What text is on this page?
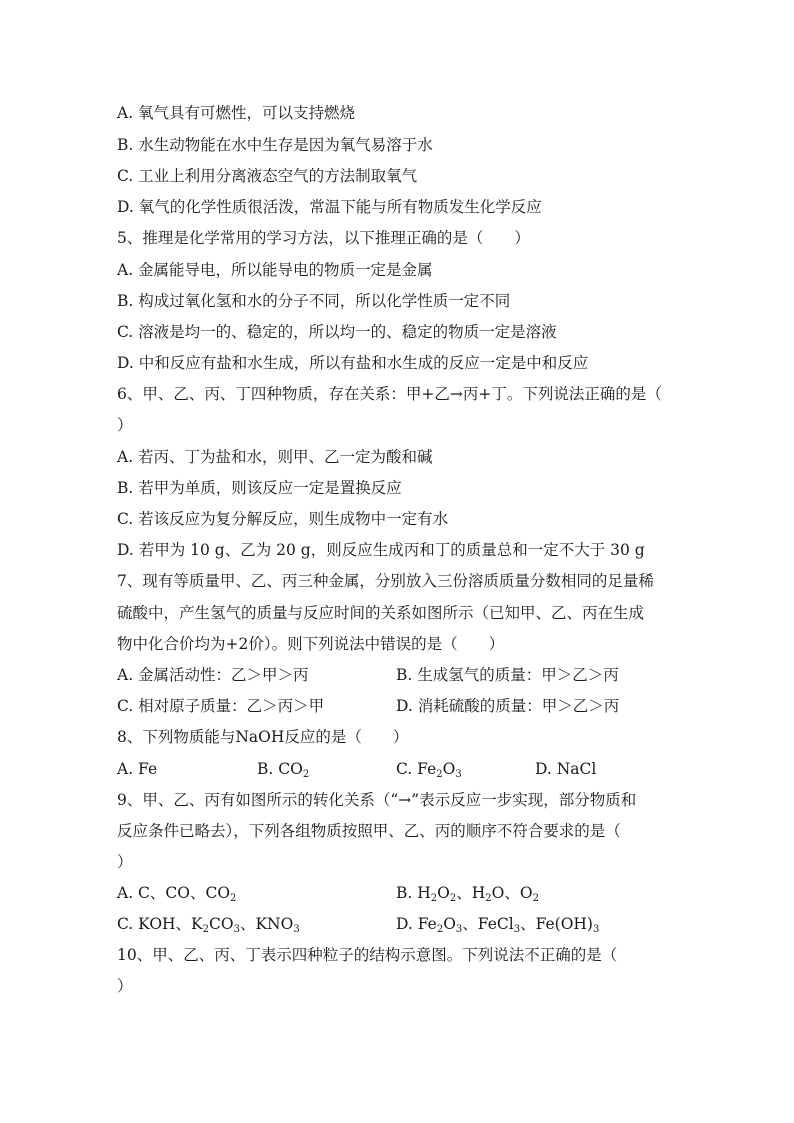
A. 氧气具有可燃性，可以支持燃烧
B. 水生动物能在水中生存是因为氧气易溶于水
C. 工业上利用分离液态空气的方法制取氧气
D. 氧气的化学性质很活泼，常温下能与所有物质发生化学反应
5、推理是化学常用的学习方法，以下推理正确的是（　　）
A. 金属能导电，所以能导电的物质一定是金属
B. 构成过氧化氢和水的分子不同，所以化学性质一定不同
C. 溶液是均一的、稳定的，所以均一的、稳定的物质一定是溶液
D. 中和反应有盐和水生成，所以有盐和水生成的反应一定是中和反应
6、甲、乙、丙、丁四种物质，存在关系：甲+乙→丙+丁。下列说法正确的是（
）
A. 若丙、丁为盐和水，则甲、乙一定为酸和碱
B. 若甲为单质，则该反应一定是置换反应
C. 若该反应为复分解反应，则生成物中一定有水
D. 若甲为 10 g、乙为 20 g，则反应生成丙和丁的质量总和一定不大于 30 g
7、现有等质量甲、乙、丙三种金属，分别放入三份溶质质量分数相同的足量稀
硫酸中，产生氢气的质量与反应时间的关系如图所示（已知甲、乙、丙在生成
物中化合价均为+2价）。则下列说法中错误的是（　　）
A. 金属活动性：乙＞甲＞丙	B. 生成氢气的质量：甲＞乙＞丙
C. 相对原子质量：乙＞丙＞甲	D. 消耗硫酸的质量：甲＞乙＞丙
8、下列物质能与NaOH反应的是（　　）
A. Fe	B. $CO_2$	C. $Fe_2O_3$	D. NaCl
9、甲、乙、丙有如图所示的转化关系（“→”表示反应一步实现，部分物质和
反应条件已略去），下列各组物质按照甲、乙、丙的顺序不符合要求的是（
）
A. C、CO、$CO_2$	B. $H_2O_2$、$H_2O$、$O_2$
C. KOH、$K_2CO_3$、$KNO_3$	D. $Fe_2O_3$、FeCl$_3$、$Fe(OH)_3$
10、甲、乙、丙、丁表示四种粒子的结构示意图。下列说法不正确的是（
）
